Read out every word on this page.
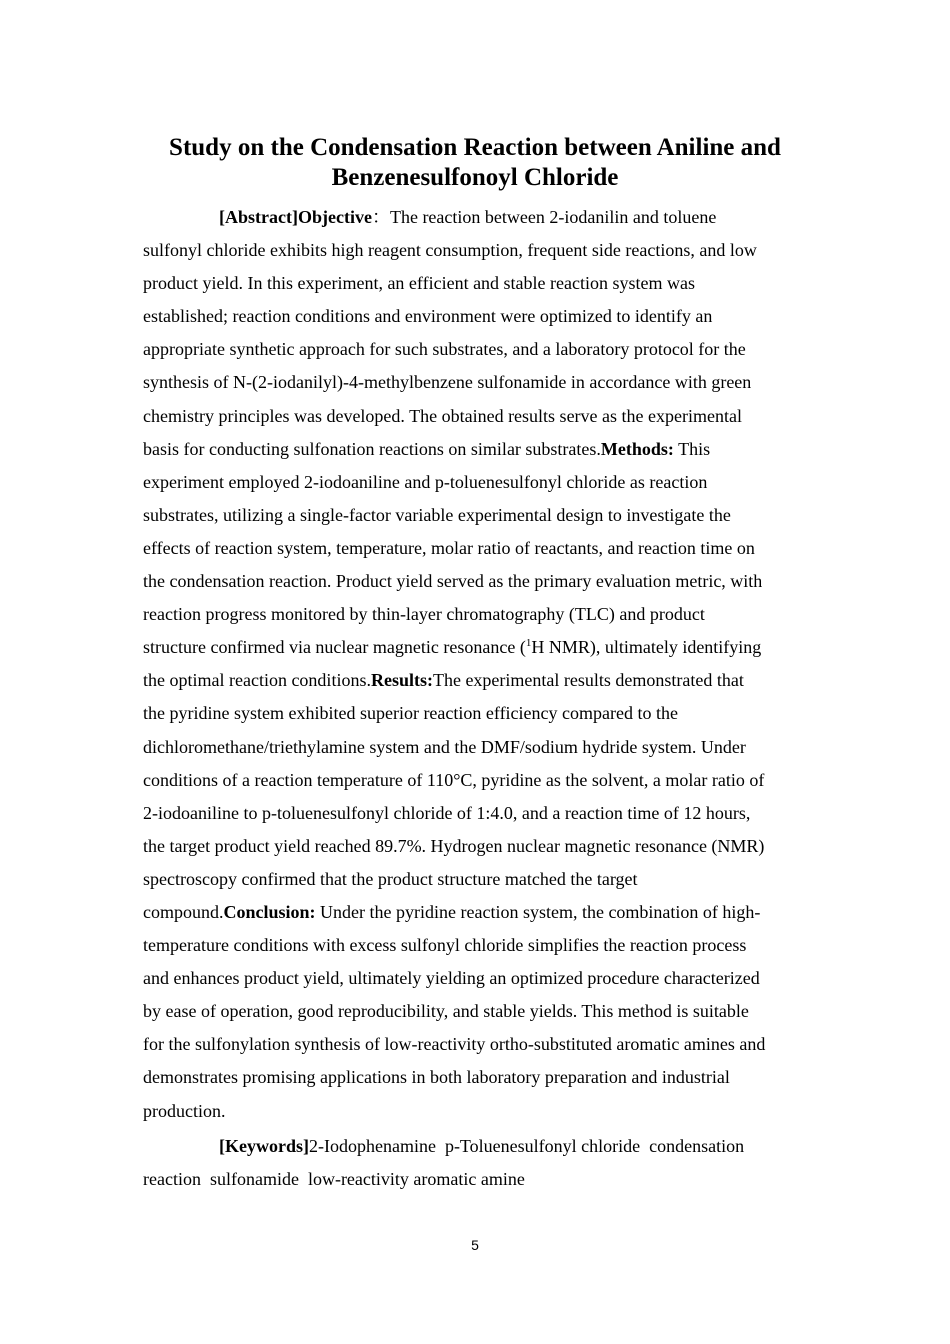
Study on the Condensation Reaction between Aniline and
Benzenesulfonoyl Chloride
[Abstract]Objective：The reaction between 2-iodanilin and toluene
sulfonyl chloride exhibits high reagent consumption, frequent side reactions, and low
product yield. In this experiment, an efficient and stable reaction system was
established; reaction conditions and environment were optimized to identify an
appropriate synthetic approach for such substrates, and a laboratory protocol for the
synthesis of N-(2-iodanilyl)-4-methylbenzene sulfonamide in accordance with green
chemistry principles was developed. The obtained results serve as the experimental
basis for conducting sulfonation reactions on similar substrates.Methods: This
experiment employed 2-iodoaniline and p-toluenesulfonyl chloride as reaction
substrates, utilizing a single-factor variable experimental design to investigate the
effects of reaction system, temperature, molar ratio of reactants, and reaction time on
the condensation reaction. Product yield served as the primary evaluation metric, with
reaction progress monitored by thin-layer chromatography (TLC) and product
structure confirmed via nuclear magnetic resonance ($^1$H NMR), ultimately identifying
the optimal reaction conditions.Results:The experimental results demonstrated that
the pyridine system exhibited superior reaction efficiency compared to the
dichloromethane/triethylamine system and the DMF/sodium hydride system. Under
conditions of a reaction temperature of 110°C, pyridine as the solvent, a molar ratio of
2-iodoaniline to p-toluenesulfonyl chloride of 1:4.0, and a reaction time of 12 hours,
the target product yield reached 89.7%. Hydrogen nuclear magnetic resonance (NMR)
spectroscopy confirmed that the product structure matched the target
compound.Conclusion: Under the pyridine reaction system, the combination of high-
temperature conditions with excess sulfonyl chloride simplifies the reaction process
and enhances product yield, ultimately yielding an optimized procedure characterized
by ease of operation, good reproducibility, and stable yields. This method is suitable
for the sulfonylation synthesis of low-reactivity ortho-substituted aromatic amines and
demonstrates promising applications in both laboratory preparation and industrial
production.
[Keywords]2-Iodophenamine  p-Toluenesulfonyl chloride  condensation
reaction  sulfonamide  low-reactivity aromatic amine
5
